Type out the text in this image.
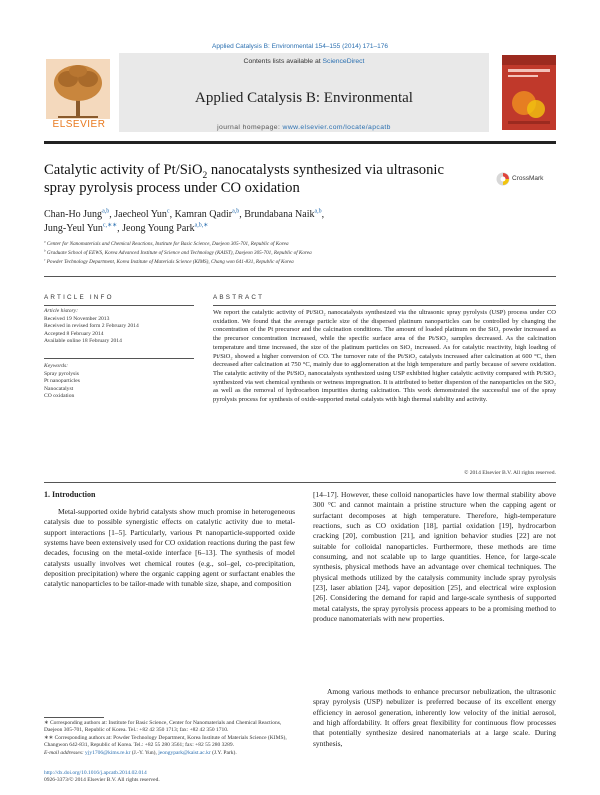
Applied Catalysis B: Environmental 154–155 (2014) 171–176
ELSEVIER
Contents lists available at ScienceDirect
Applied Catalysis B: Environmental
journal homepage: www.elsevier.com/locate/apcatb
Catalytic activity of Pt/SiO$_2$ nanocatalysts synthesized via ultrasonic
spray pyrolysis process under CO oxidation
CrossMark
Chan-Ho Jung$^{a,b}$, Jaecheol Yun$^c$, Kamran Qadir$^{a,b}$, Brundabana Naik$^{a,b}$,
Jung-Yeul Yun$^{c,∗∗}$, Jeong Young Park$^{a,b,∗}$
$^a$ Center for Nanomaterials and Chemical Reactions, Institute for Basic Science, Daejeon 305-701, Republic of Korea
$^b$ Graduate School of EEWS, Korea Advanced Institute of Science and Technology (KAIST), Daejeon 305-701, Republic of Korea
$^c$ Powder Technology Department, Korea Institute of Materials Science (KIMS), Chang won 641-831, Republic of Korea
ARTICLE INFO
Article history:
Received 19 November 2013
Received in revised form 2 February 2014
Accepted 8 February 2014
Available online 18 February 2014
Keywords:
Spray pyrolysis
Pt nanoparticles
Nanocatalyst
CO oxidation
ABSTRACT
We report the catalytic activity of Pt/SiO₂ nanocatalysts synthesized via the ultrasonic spray pyrolysis (USP) process under CO oxidation. We found that the average particle size of the dispersed platinum nanoparticles can be controlled by changing the concentration of the Pt precursor and the calcination conditions. The amount of loaded platinum on the SiO₂ powder increased as the precursor concentration increased, while the specific surface area of the Pt/SiO₂ samples decreased. As the calcination temperature and time increased, the size of the platinum particles on SiO₂ increased. As for catalytic reactivity, high loading of Pt/SiO₂ showed a higher conversion of CO. The turnover rate of the Pt/SiO₂ catalysts increased after calcination at 600 °C, then decreased after calcination at 750 °C, mainly due to agglomeration at the high temperature and partly because of severe oxidation. The catalytic activity of the Pt/SiO₂ nanocatalysts synthesized using USP exhibited higher catalytic activity compared with Pt/SiO₂ synthesized via wet chemical synthesis or wetness impregnation. It is attributed to better dispersion of the nanoparticles on the SiO₂ as well as the removal of hydrocarbon impurities during calcination. This work demonstrated the successful use of the spray pyrolysis process for synthesis of oxide-supported metal catalysts with high thermal stability and activity.
© 2014 Elsevier B.V. All rights reserved.
1. Introduction
Metal-supported oxide hybrid catalysts show much promise in heterogeneous catalysis due to possible synergistic effects on catalytic activity due to metal-support interactions [1–5]. Particularly, various Pt nanoparticle-supported oxide systems have been extensively used for CO oxidation reactions during the past few decades, focusing on the metal-oxide interface [6–13]. The synthesis of model catalysts usually involves wet chemical routes (e.g., sol–gel, co-precipitation, deposition precipitation) where the organic capping agent or surfactant enables the catalytic nanoparticles to be tailor-made with tunable size, shape, and composition
[14–17]. However, these colloid nanoparticles have low thermal stability above 300 °C and cannot maintain a pristine structure when the capping agent or surfactant decomposes at high temperature. Therefore, high-temperature reactions, such as CO oxidation [18], partial oxidation [19], hydrocarbon cracking [20], combustion [21], and ignition behavior studies [22] are not suitable for colloidal nanoparticles. Furthermore, these methods are time consuming, and not scalable up to large quantities. Hence, for large-scale synthesis, physical methods have an advantage over chemical techniques. The physical methods utilized by the catalysis community include spray pyrolysis [23], laser ablation [24], vapor deposition [25], and electrical wire explosion [26]. Considering the demand for rapid and large-scale synthesis of supported metal catalysts, the spray pyrolysis process appears to be a promising method to produce nanomaterials with new properties.
Among various methods to enhance precursor nebulization, the ultrasonic spray pyrolysis (USP) nebulizer is preferred because of its excellent energy efficiency in aerosol generation, inherently low velocity of the initial aerosol, and high affordability. It offers great flexibility for continuous flow processes that potentially synthesize desired nanomaterials at a large scale. During synthesis,
∗ Corresponding authors at: Institute for Basic Science, Center for Nanomaterials and Chemical Reactions, Daejeon 305-701, Republic of Korea. Tel.: +82 42 350 1713; fax: +82 42 350 1710.
∗∗ Corresponding authors at: Powder Technology Department, Korea Institute of Materials Science (KIMS), Changwon 642-831, Republic of Korea. Tel.: +82 55 280 3561; fax: +82 55 280 3289.
E-mail addresses: yjy1706@kims.re.kr (J.-Y. Yun), jeongypark@kaist.ac.kr (J.Y. Park).
http://dx.doi.org/10.1016/j.apcatb.2014.02.014
0926-3373/© 2014 Elsevier B.V. All rights reserved.
